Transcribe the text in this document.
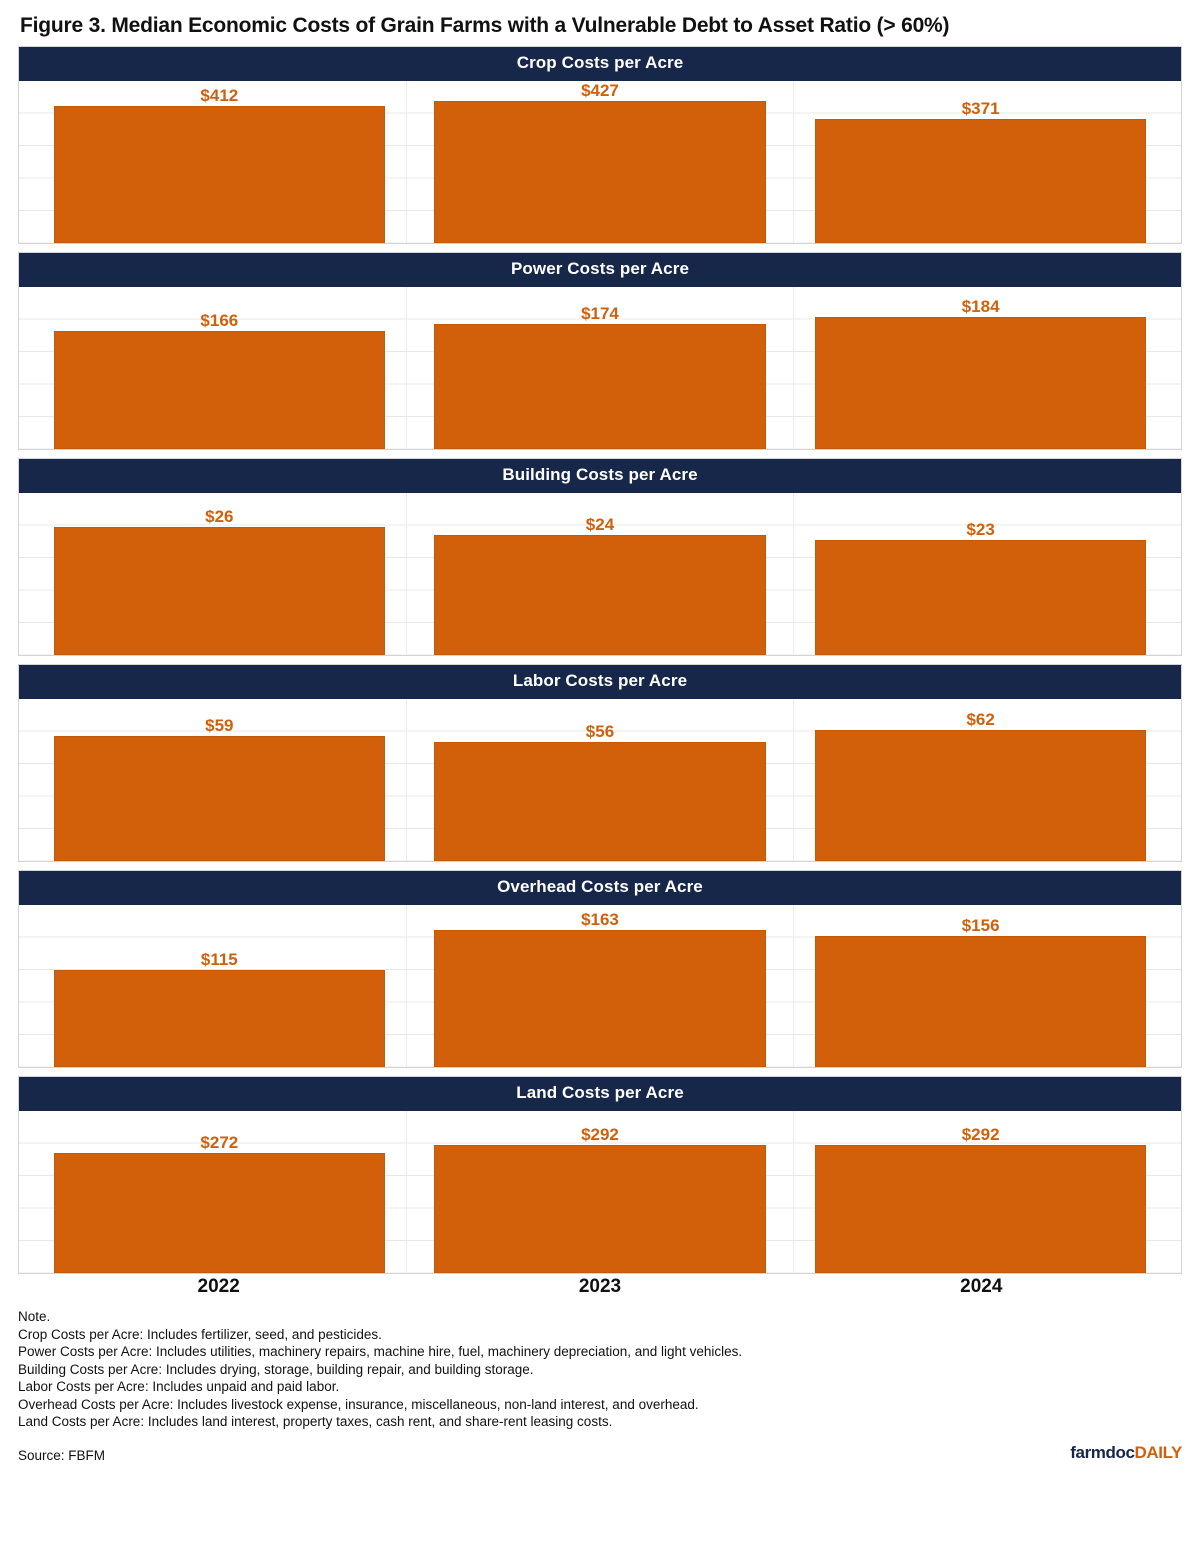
Figure 3. Median Economic Costs of Grain Farms with a Vulnerable Debt to Asset Ratio (> 60%)
Crop Costs per Acre
$412	$427
$371
Power Costs per Acre
$166	$174	$184
Building Costs per Acre
$26	$24	$23
Labor Costs per Acre
$59	$56
$62
Overhead Costs per Acre
$115
$163	$156
Land Costs per Acre
$272	$292	$292
2022	2023	2024
Note.
Crop Costs per Acre: Includes fertilizer, seed, and pesticides.
Power Costs per Acre: Includes utilities, machinery repairs, machine hire, fuel, machinery depreciation, and light vehicles.
Building Costs per Acre: Includes drying, storage, building repair, and building storage.
Labor Costs per Acre: Includes unpaid and paid labor.
Overhead Costs per Acre: Includes livestock expense, insurance, miscellaneous, non-land interest, and overhead.
Land Costs per Acre: Includes land interest, property taxes, cash rent, and share-rent leasing costs.
Source: FBFM	farmdocDAILY
